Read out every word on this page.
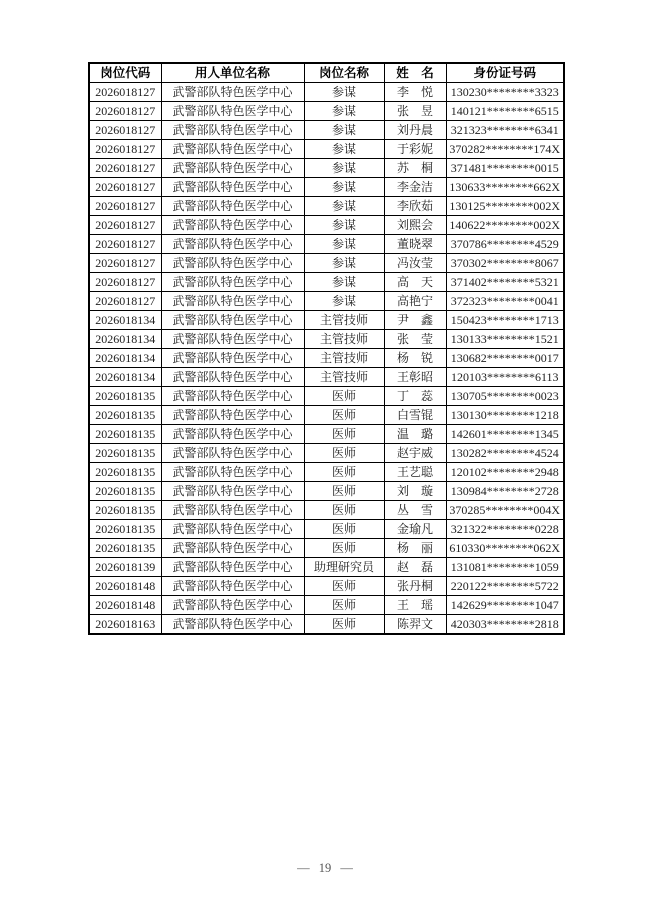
岗位代码	用人单位名称	岗位名称	姓　名	身份证号码
2026018127	武警部队特色医学中心	参谋	李　悦	130230********3323
2026018127	武警部队特色医学中心	参谋	张　昱	140121********6515
2026018127	武警部队特色医学中心	参谋	刘丹晨	321323********6341
2026018127	武警部队特色医学中心	参谋	于彩妮	370282********174X
2026018127	武警部队特色医学中心	参谋	苏　桐	371481********0015
2026018127	武警部队特色医学中心	参谋	李金洁	130633********662X
2026018127	武警部队特色医学中心	参谋	李欣茹	130125********002X
2026018127	武警部队特色医学中心	参谋	刘熙会	140622********002X
2026018127	武警部队特色医学中心	参谋	董晓翠	370786********4529
2026018127	武警部队特色医学中心	参谋	冯汝莹	370302********8067
2026018127	武警部队特色医学中心	参谋	高　天	371402********5321
2026018127	武警部队特色医学中心	参谋	高艳宁	372323********0041
2026018134	武警部队特色医学中心	主管技师	尹　鑫	150423********1713
2026018134	武警部队特色医学中心	主管技师	张　莹	130133********1521
2026018134	武警部队特色医学中心	主管技师	杨　锐	130682********0017
2026018134	武警部队特色医学中心	主管技师	王彰昭	120103********6113
2026018135	武警部队特色医学中心	医师	丁　蕊	130705********0023
2026018135	武警部队特色医学中心	医师	白雪锟	130130********1218
2026018135	武警部队特色医学中心	医师	温　璐	142601********1345
2026018135	武警部队特色医学中心	医师	赵宇威	130282********4524
2026018135	武警部队特色医学中心	医师	王艺聪	120102********2948
2026018135	武警部队特色医学中心	医师	刘　璇	130984********2728
2026018135	武警部队特色医学中心	医师	丛　雪	370285********004X
2026018135	武警部队特色医学中心	医师	金瑜凡	321322********0228
2026018135	武警部队特色医学中心	医师	杨　丽	610330********062X
2026018139	武警部队特色医学中心	助理研究员	赵　磊	131081********1059
2026018148	武警部队特色医学中心	医师	张丹桐	220122********5722
2026018148	武警部队特色医学中心	医师	王　瑶	142629********1047
2026018163	武警部队特色医学中心	医师	陈羿文	420303********2818
— 19 —
